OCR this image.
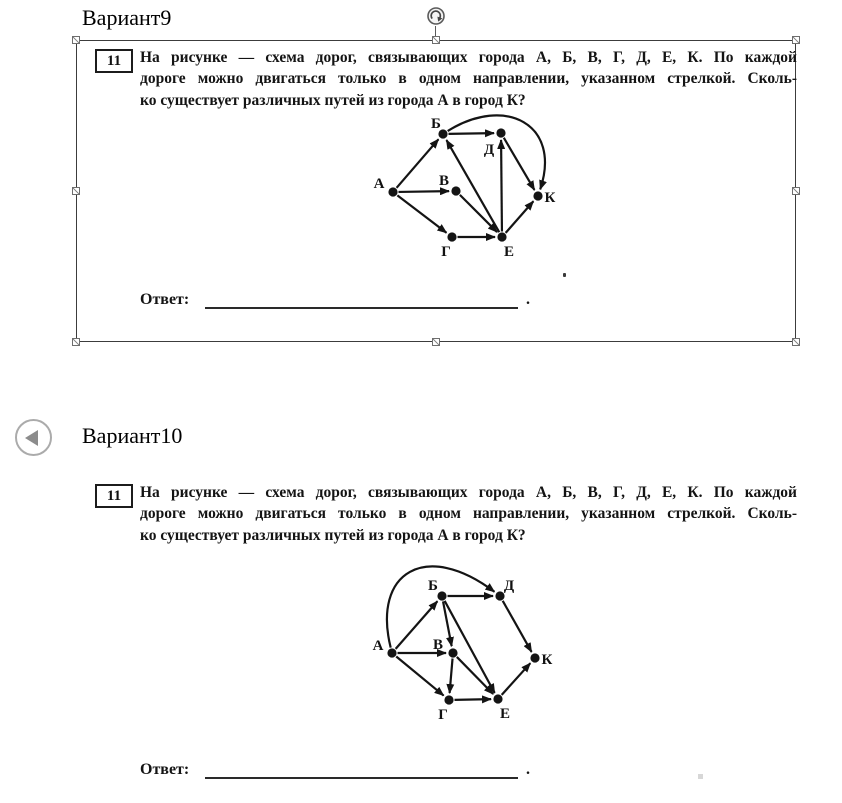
Вариант9
11 На рисунке — схема дорог, связывающих города А, Б, В, Г, Д, Е, К. По каждой
дороге можно двигаться только в одном направлении, указанном стрелкой. Сколь-
ко существует различных путей из города А в город К?
А
Б
В
Г
Д
Е
К
Ответ:	.
Вариант10
11 На рисунке — схема дорог, связывающих города А, Б, В, Г, Д, Е, К. По каждой
дороге можно двигаться только в одном направлении, указанном стрелкой. Сколь-
ко существует различных путей из города А в город К?
А
Б
В
Г
Д
Е
К
Ответ:	.
